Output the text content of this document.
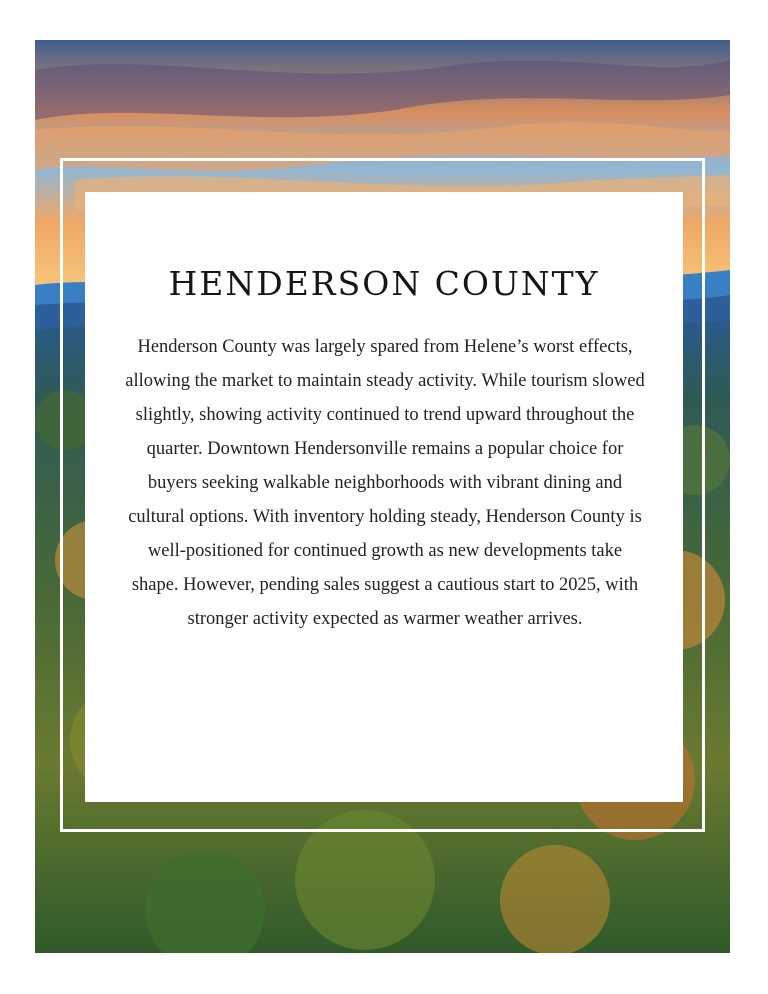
HENDERSON COUNTY

Henderson County was largely spared from Helene’s worst effects, allowing the market to maintain steady activity. While tourism slowed slightly, showing activity continued to trend upward throughout the quarter. Downtown Hendersonville remains a popular choice for buyers seeking walkable neighborhoods with vibrant dining and cultural options. With inventory holding steady, Henderson County is well-positioned for continued growth as new developments take shape. However, pending sales suggest a cautious start to 2025, with stronger activity expected as warmer weather arrives.
